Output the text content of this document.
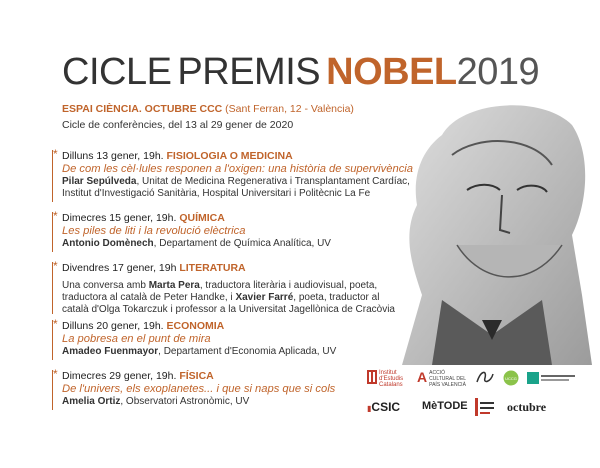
CICLE PREMIS NOBEL2019
ESPAI CIÈNCIA. OCTUBRE CCC (Sant Ferran, 12 - València)
Cicle de conferències, del 13 al 29 gener de 2020
* Dilluns 13 gener, 19h. FISIOLOGIA O MEDICINA
De com les cèl·lules responen a l'oxigen: una història de supervivència
Pilar Sepúlveda, Unitat de Medicina Regenerativa i Transplantament Cardíac, Institut d'Investigació Sanitària, Hospital Universitari i Politècnic La Fe
* Dimecres 15 gener, 19h. QUÍMICA
Les piles de liti i la revolució elèctrica
Antonio Domènech, Departament de Química Analítica, UV
* Divendres 17 gener, 19h LITERATURA
Una conversa amb Marta Pera, traductora literària i audiovisual, poeta, traductora al català de Peter Handke, i Xavier Farré, poeta, traductor al català d'Olga Tokarczuk i professor a la Universitat Jagellònica de Cracòvia
* Dilluns 20 gener, 19h. ECONOMIA
La pobresa en el punt de mira
Amadeo Fuenmayor, Departament d'Economia Aplicada, UV
* Dimecres 29 gener, 19h. FÍSICA
De l'univers, els exoplanetes... i que si naps que si cols
Amelia Ortiz, Observatori Astronòmic, UV
Institut d'Estudis Catalans	A ACCIÓ CULTURAL DEL PAÍS VALENCIÀ
UCCG
▮CSIC MèTODE	octubre
